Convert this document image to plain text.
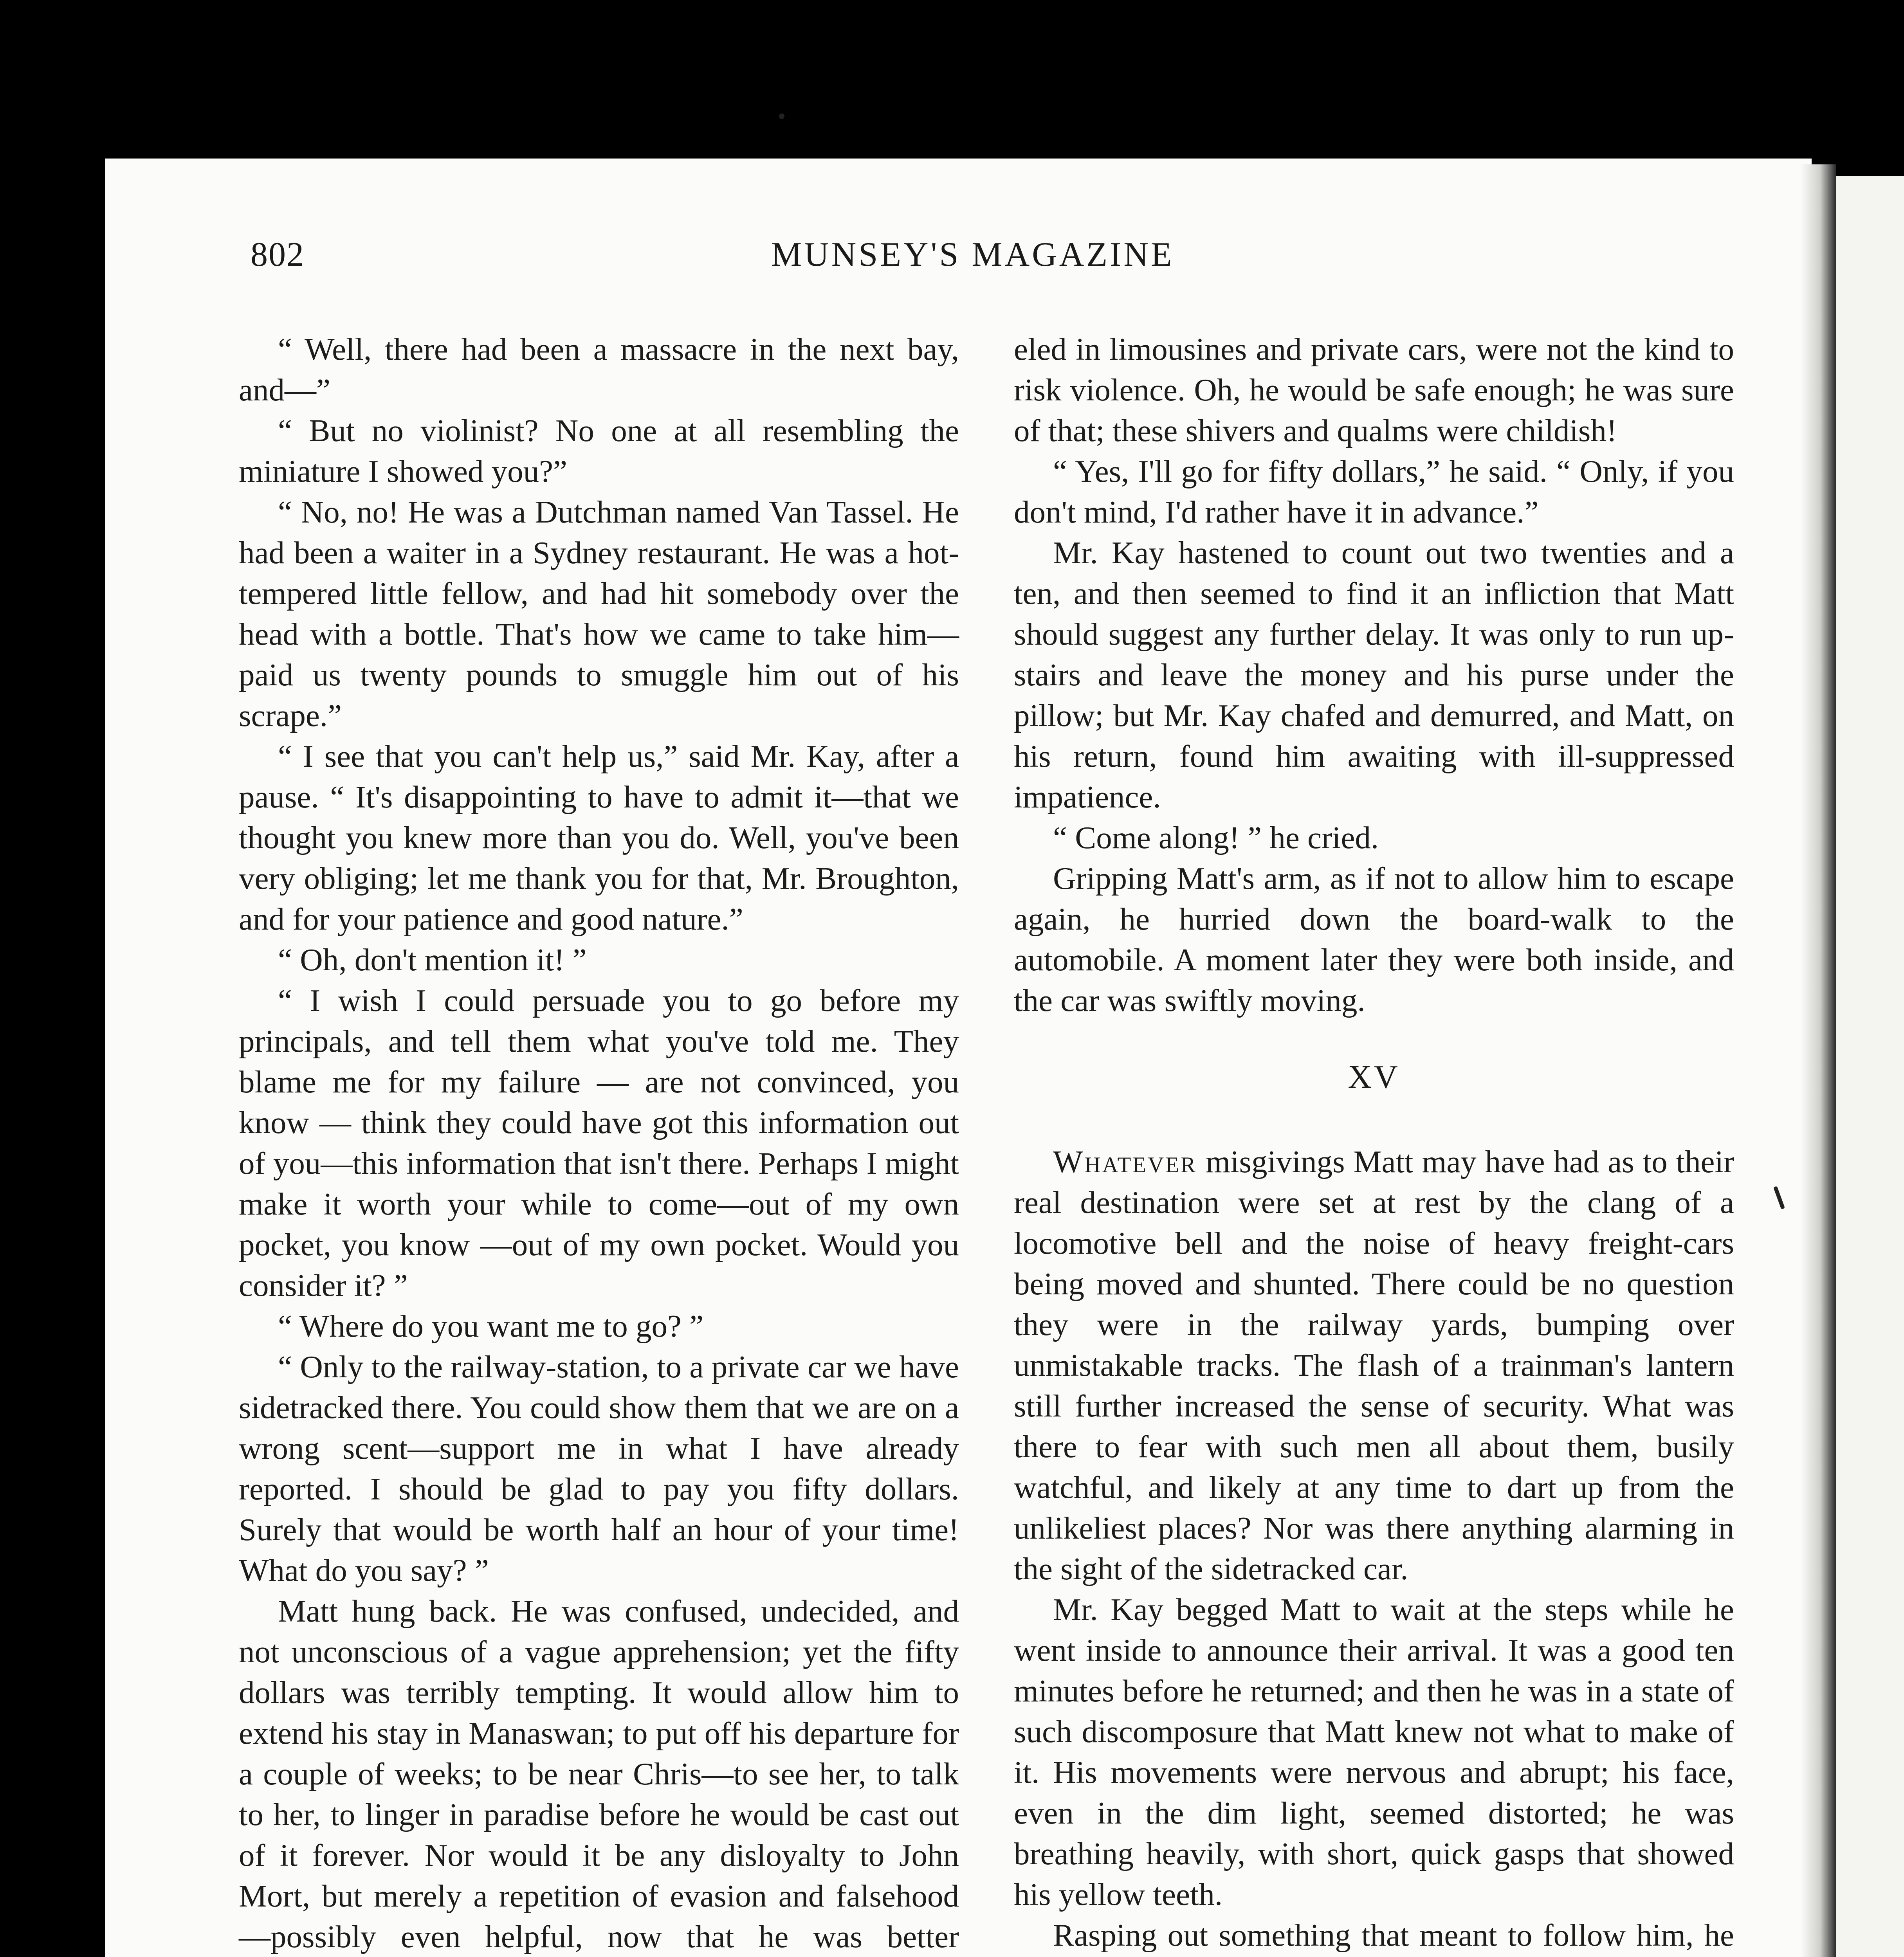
802	MUNSEY'S MAGAZINE

“ Well, there had been a massacre in the next bay, and—”

“ But no violinist? No one at all resembling the miniature I showed you?”

“ No, no! He was a Dutchman named Van Tassel. He had been a waiter in a Sydney restaurant. He was a hot-tempered little fellow, and had hit somebody over the head with a bottle. That's how we came to take him—paid us twenty pounds to smuggle him out of his scrape.”

“ I see that you can't help us,” said Mr. Kay, after a pause. “ It's disappointing to have to admit it—that we thought you knew more than you do. Well, you've been very obliging; let me thank you for that, Mr. Broughton, and for your patience and good nature.”

“ Oh, don't mention it! ”

“ I wish I could persuade you to go before my principals, and tell them what you've told me. They blame me for my failure — are not convinced, you know — think they could have got this information out of you—this information that isn't there. Perhaps I might make it worth your while to come—out of my own pocket, you know —out of my own pocket. Would you consider it? ”

“ Where do you want me to go? ”

“ Only to the railway-station, to a private car we have sidetracked there. You could show them that we are on a wrong scent—support me in what I have already reported. I should be glad to pay you fifty dollars. Surely that would be worth half an hour of your time! What do you say? ”

Matt hung back. He was confused, undecided, and not unconscious of a vague apprehension; yet the fifty dollars was terribly tempting. It would allow him to extend his stay in Manaswan; to put off his departure for a couple of weeks; to be near Chris—to see her, to talk to her, to linger in paradise before he would be cast out of it forever. Nor would it be any disloyalty to John Mort, but merely a repetition of evasion and falsehood—possibly even helpful, now that he was better

eled in limousines and private cars, were not the kind to risk violence. Oh, he would be safe enough; he was sure of that; these shivers and qualms were childish!

“ Yes, I'll go for fifty dollars,” he said. “ Only, if you don't mind, I'd rather have it in advance.”

Mr. Kay hastened to count out two twenties and a ten, and then seemed to find it an infliction that Matt should suggest any further delay. It was only to run up-stairs and leave the money and his purse under the pillow; but Mr. Kay chafed and demurred, and Matt, on his return, found him awaiting with ill-suppressed impatience.

“ Come along! ” he cried.

Gripping Matt's arm, as if not to allow him to escape again, he hurried down the board-walk to the automobile. A moment later they were both inside, and the car was swiftly moving.

XV

Whatever misgivings Matt may have had as to their real destination were set at rest by the clang of a locomotive bell and the noise of heavy freight-cars being moved and shunted. There could be no question they were in the railway yards, bumping over unmistakable tracks. The flash of a trainman's lantern still further increased the sense of security. What was there to fear with such men all about them, busily watchful, and likely at any time to dart up from the unlikeliest places? Nor was there anything alarming in the sight of the sidetracked car.

Mr. Kay begged Matt to wait at the steps while he went inside to announce their arrival. It was a good ten minutes before he returned; and then he was in a state of such discomposure that Matt knew not what to make of it. His movements were nervous and abrupt; his face, even in the dim light, seemed distorted; he was breathing heavily, with short, quick gasps that showed his yellow teeth.

Rasping out something that meant to follow him, he
